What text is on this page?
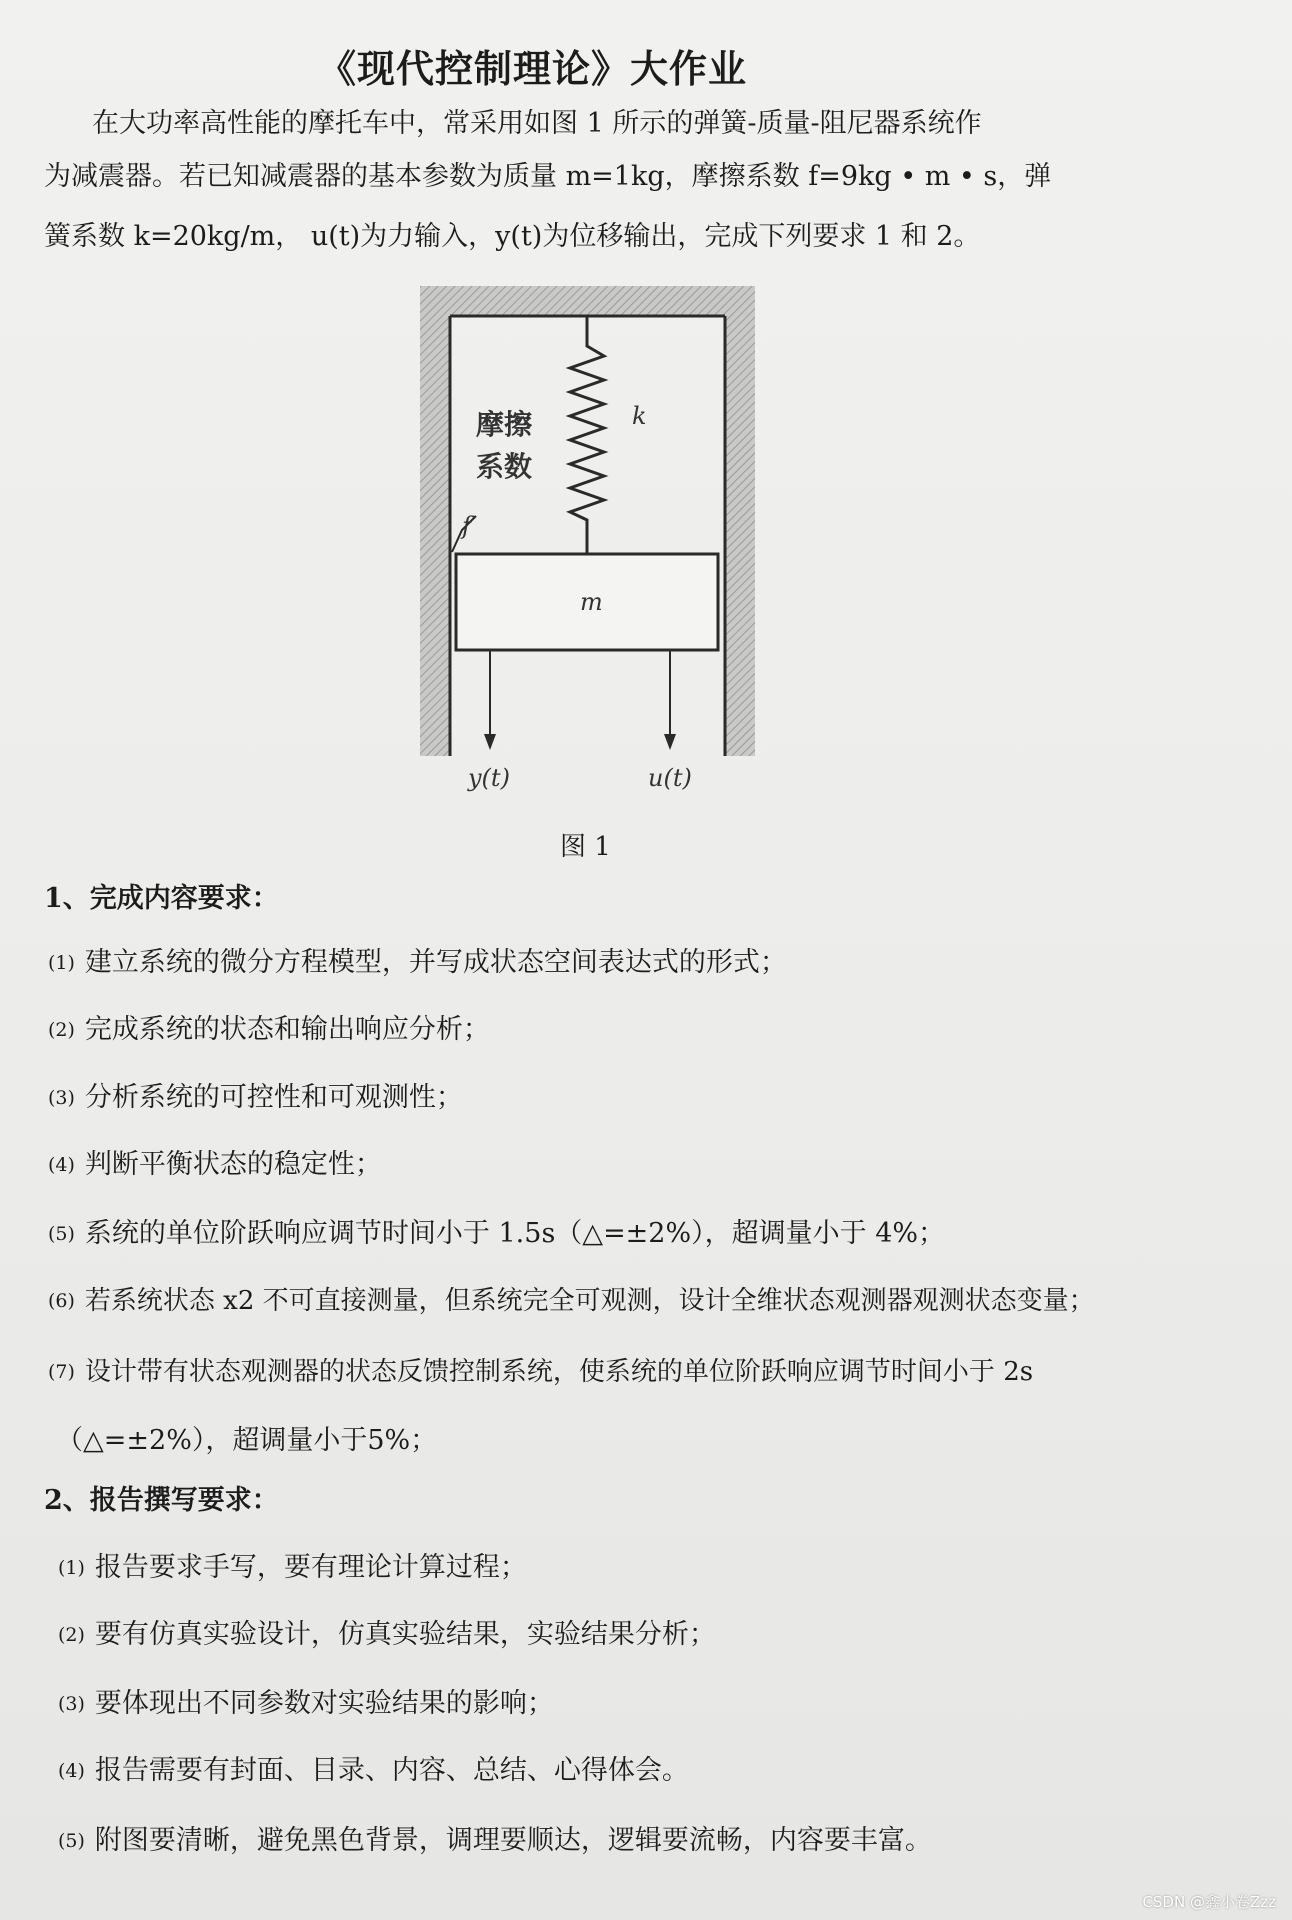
《现代控制理论》大作业
在大功率高性能的摩托车中，常采用如图 1 所示的弹簧-质量-阻尼器系统作
为减震器。若已知减震器的基本参数为质量 m=1kg，摩擦系数 f=9kg • m • s，弹
簧系数 k=20kg/m， u(t)为力输入，y(t)为位移输出，完成下列要求 1 和 2。
摩擦
系数
f
k
m
y(t)	u(t)
图 1
1、完成内容要求：
(1) 建立系统的微分方程模型，并写成状态空间表达式的形式；
(2) 完成系统的状态和输出响应分析；
(3) 分析系统的可控性和可观测性；
(4) 判断平衡状态的稳定性；
(5) 系统的单位阶跃响应调节时间小于 1.5s（△=±2%），超调量小于 4%；
(6) 若系统状态 x2 不可直接测量，但系统完全可观测，设计全维状态观测器观测状态变量；
(7) 设计带有状态观测器的状态反馈控制系统，使系统的单位阶跃响应调节时间小于 2s
（△=±2%），超调量小于5%；
2、报告撰写要求：
(1) 报告要求手写，要有理论计算过程；
(2) 要有仿真实验设计，仿真实验结果，实验结果分析；
(3) 要体现出不同参数对实验结果的影响；
(4) 报告需要有封面、目录、内容、总结、心得体会。
(5) 附图要清晰，避免黑色背景，调理要顺达，逻辑要流畅，内容要丰富。
CSDN @鑫小卷Zzz
